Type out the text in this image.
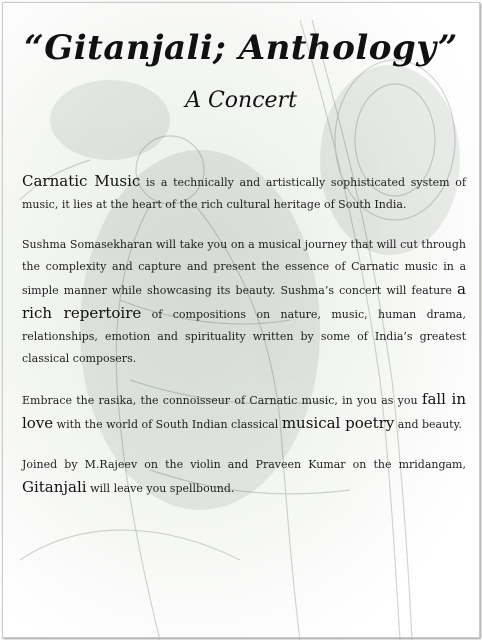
“Gitanjali; Anthology”
A Concert

Carnatic Music is a technically and artistically sophisticated system of music, it lies at the heart of the rich cultural heritage of South India.

Sushma Somasekharan will take you on a musical journey that will cut through the complexity and capture and present the essence of Carnatic music in a simple manner while showcasing its beauty. Sushma’s concert will feature a rich repertoire of compositions on nature, music, human drama, relationships, emotion and spirituality written by some of India’s greatest classical composers.

Embrace the rasika, the connoisseur of Carnatic music, in you as you fall in love with the world of South Indian classical musical poetry and beauty.

Joined by M.Rajeev on the violin and Praveen Kumar on the mridangam, Gitanjali will leave you spellbound.
